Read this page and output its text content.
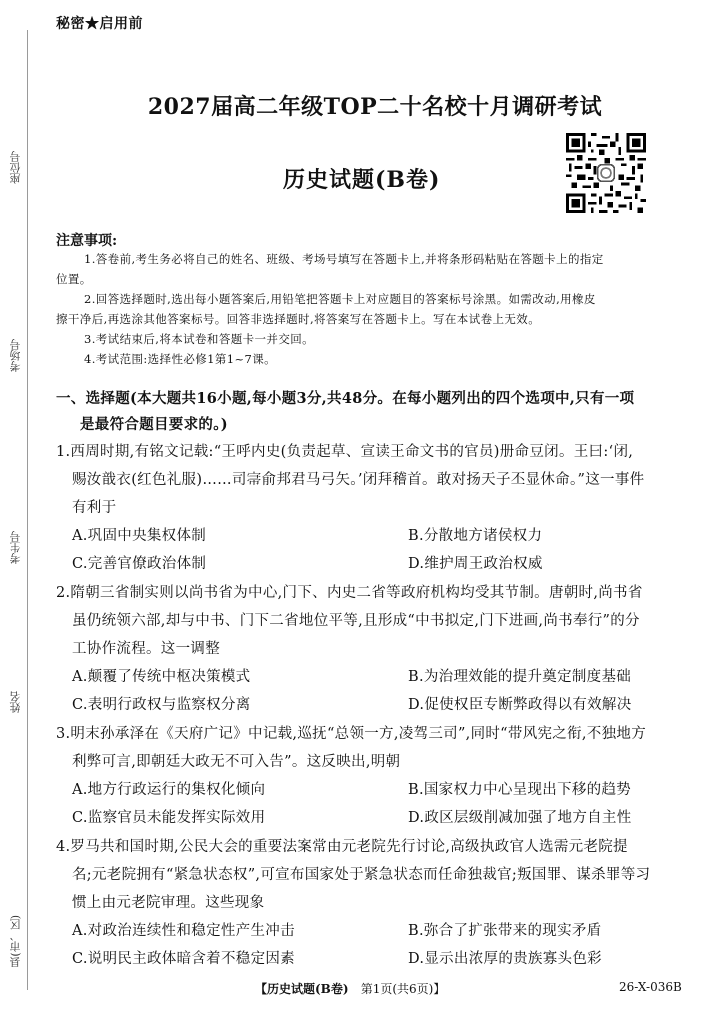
座位号
考场号
考生号
姓名
县(市、区)
秘密★启用前
2027届高二年级TOP二十名校十月调研考试
历史试题(B卷)
注意事项:
1.答卷前,考生务必将自己的姓名、班级、考场号填写在答题卡上,并将条形码粘贴在答题卡上的指定
位置。
2.回答选择题时,选出每小题答案后,用铅笔把答题卡上对应题目的答案标号涂黑。如需改动,用橡皮
擦干净后,再选涂其他答案标号。回答非选择题时,将答案写在答题卡上。写在本试卷上无效。
3.考试结束后,将本试卷和答题卡一并交回。
4.考试范围:选择性必修1第1~7课。
一、选择题(本大题共16小题,每小题3分,共48分。在每小题列出的四个选项中,只有一项
是最符合题目要求的。)
1.西周时期,有铭文记载:“王呼内史(负责起草、宣读王命文书的官员)册命豆闭。王曰:‘闭,
赐汝戠衣(红色礼服)……司𡨦俞邦君马弓矢。’闭拜稽首。敢对扬天子丕显休命。”这一事件
有利于
A.巩固中央集权体制	B.分散地方诸侯权力
C.完善官僚政治体制	D.维护周王政治权威
2.隋朝三省制实则以尚书省为中心,门下、内史二省等政府机构均受其节制。唐朝时,尚书省
虽仍统领六部,却与中书、门下二省地位平等,且形成“中书拟定,门下进画,尚书奉行”的分
工协作流程。这一调整
A.颠覆了传统中枢决策模式	B.为治理效能的提升奠定制度基础
C.表明行政权与监察权分离	D.促使权臣专断弊政得以有效解决
3.明末孙承泽在《天府广记》中记载,巡抚“总领一方,凌驾三司”,同时“带风宪之衔,不独地方
利弊可言,即朝廷大政无不可入告”。这反映出,明朝
A.地方行政运行的集权化倾向	B.国家权力中心呈现出下移的趋势
C.监察官员未能发挥实际效用	D.政区层级削减加强了地方自主性
4.罗马共和国时期,公民大会的重要法案常由元老院先行讨论,高级执政官人选需元老院提
名;元老院拥有“紧急状态权”,可宣布国家处于紧急状态而任命独裁官;叛国罪、谋杀罪等习
惯上由元老院审理。这些现象
A.对政治连续性和稳定性产生冲击	B.弥合了扩张带来的现实矛盾
C.说明民主政体暗含着不稳定因素	D.显示出浓厚的贵族寡头色彩
【历史试题(B卷) 第1页(共6页)】	26-X-036B
